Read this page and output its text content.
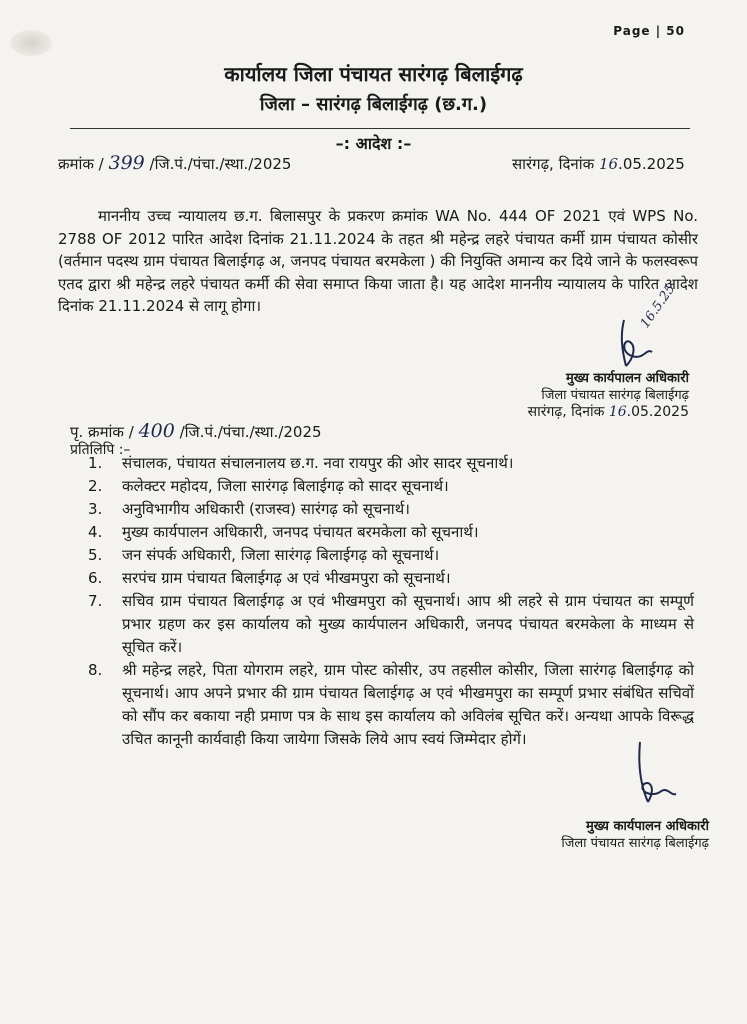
Page | 50
कार्यालय जिला पंचायत सारंगढ़ बिलाईगढ़
जिला – सारंगढ़ बिलाईगढ़ (छ.ग.)
–: आदेश :–
क्रमांक / 399 /जि.पं./पंचा./स्था./2025	सारंगढ़, दिनांक 16.05.2025
माननीय उच्च न्यायालय छ.ग. बिलासपुर के प्रकरण क्रमांक WA No. 444 OF 2021 एवं WPS No. 2788 OF 2012 पारित आदेश दिनांक 21.11.2024 के तहत श्री महेन्द्र लहरे पंचायत कर्मी ग्राम पंचायत कोसीर (वर्तमान पदस्थ ग्राम पंचायत बिलाईगढ़ अ, जनपद पंचायत बरमकेला ) की नियुक्ति अमान्य कर दिये जाने के फलस्वरूप एतद द्वारा श्री महेन्द्र लहरे पंचायत कर्मी की सेवा समाप्त किया जाता है। यह आदेश माननीय न्यायालय के पारित आदेश दिनांक 21.11.2024 से लागू होगा।	16.5.25
मुख्य कार्यपालन अधिकारी
जिला पंचायत सारंगढ़ बिलाईगढ़
सारंगढ़, दिनांक 16.05.2025
पृ. क्रमांक / 400 /जि.पं./पंचा./स्था./2025
प्रतिलिपि :–
1. संचालक, पंचायत संचालनालय छ.ग. नवा रायपुर की ओर सादर सूचनार्थ।
2. कलेक्टर महोदय, जिला सारंगढ़ बिलाईगढ़ को सादर सूचनार्थ।
3. अनुविभागीय अधिकारी (राजस्व) सारंगढ़ को सूचनार्थ।
4. मुख्य कार्यपालन अधिकारी, जनपद पंचायत बरमकेला को सूचनार्थ।
5. जन संपर्क अधिकारी, जिला सारंगढ़ बिलाईगढ़ को सूचनार्थ।
6. सरपंच ग्राम पंचायत बिलाईगढ़ अ एवं भीखमपुरा को सूचनार्थ।
7. सचिव ग्राम पंचायत बिलाईगढ़ अ एवं भीखमपुरा को सूचनार्थ। आप श्री लहरे से ग्राम पंचायत का सम्पूर्ण प्रभार ग्रहण कर इस कार्यालय को मुख्य कार्यपालन अधिकारी, जनपद पंचायत बरमकेला के माध्यम से सूचित करें।
8. श्री महेन्द्र लहरे, पिता योगराम लहरे, ग्राम पोस्ट कोसीर, उप तहसील कोसीर, जिला सारंगढ़ बिलाईगढ़ को सूचनार्थ। आप अपने प्रभार की ग्राम पंचायत बिलाईगढ़ अ एवं भीखमपुरा का सम्पूर्ण प्रभार संबंधित सचिवों को सौंप कर बकाया नही प्रमाण पत्र के साथ इस कार्यालय को अविलंब सूचित करें। अन्यथा आपके विरूद्ध उचित कानूनी कार्यवाही किया जायेगा जिसके लिये आप स्वयं जिम्मेदार होगें।
मुख्य कार्यपालन अधिकारी
जिला पंचायत सारंगढ़ बिलाईगढ़
